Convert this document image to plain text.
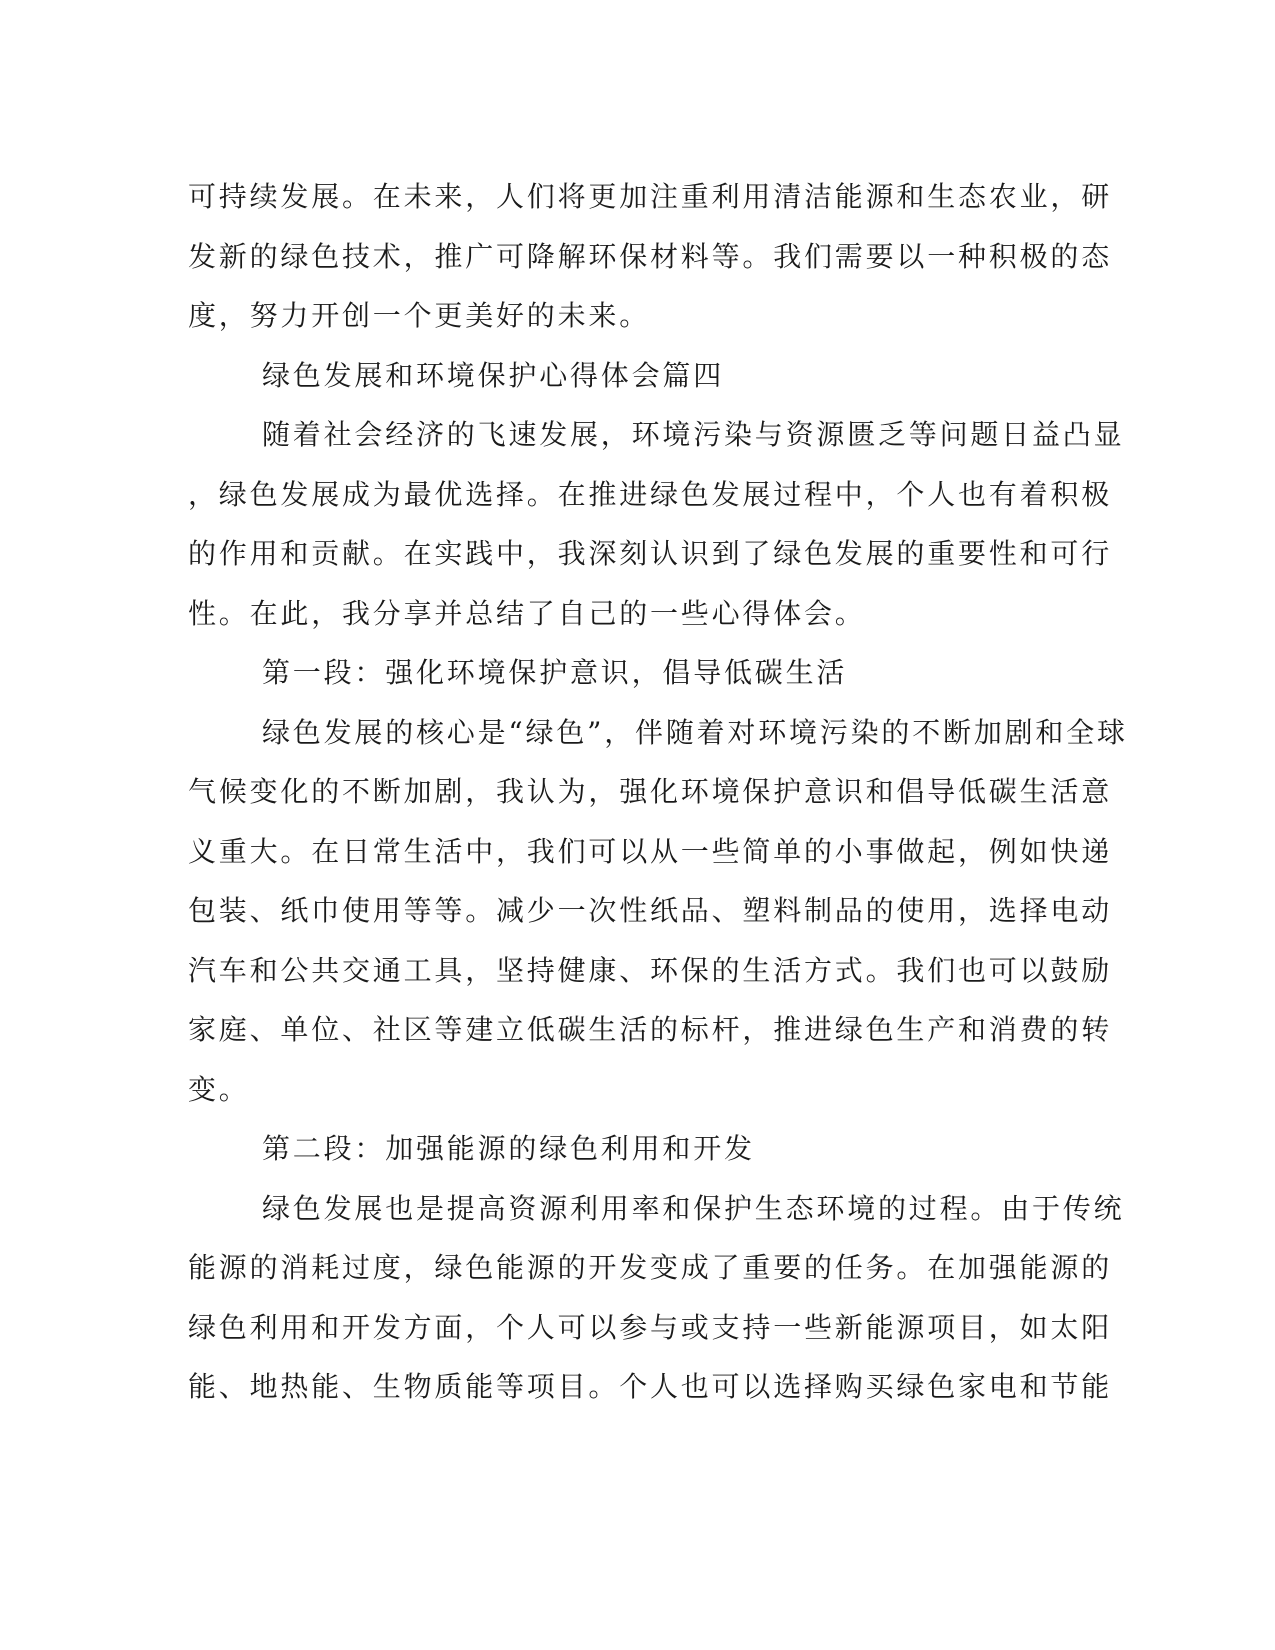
可持续发展。在未来，人们将更加注重利用清洁能源和生态农业，研
发新的绿色技术，推广可降解环保材料等。我们需要以一种积极的态
度，努力开创一个更美好的未来。
绿色发展和环境保护心得体会篇四
随着社会经济的飞速发展，环境污染与资源匮乏等问题日益凸显
，绿色发展成为最优选择。在推进绿色发展过程中，个人也有着积极
的作用和贡献。在实践中，我深刻认识到了绿色发展的重要性和可行
性。在此，我分享并总结了自己的一些心得体会。
第一段：强化环境保护意识，倡导低碳生活
绿色发展的核心是“绿色”，伴随着对环境污染的不断加剧和全球
气候变化的不断加剧，我认为，强化环境保护意识和倡导低碳生活意
义重大。在日常生活中，我们可以从一些简单的小事做起，例如快递
包装、纸巾使用等等。减少一次性纸品、塑料制品的使用，选择电动
汽车和公共交通工具，坚持健康、环保的生活方式。我们也可以鼓励
家庭、单位、社区等建立低碳生活的标杆，推进绿色生产和消费的转
变。
第二段：加强能源的绿色利用和开发
绿色发展也是提高资源利用率和保护生态环境的过程。由于传统
能源的消耗过度，绿色能源的开发变成了重要的任务。在加强能源的
绿色利用和开发方面，个人可以参与或支持一些新能源项目，如太阳
能、地热能、生物质能等项目。个人也可以选择购买绿色家电和节能
